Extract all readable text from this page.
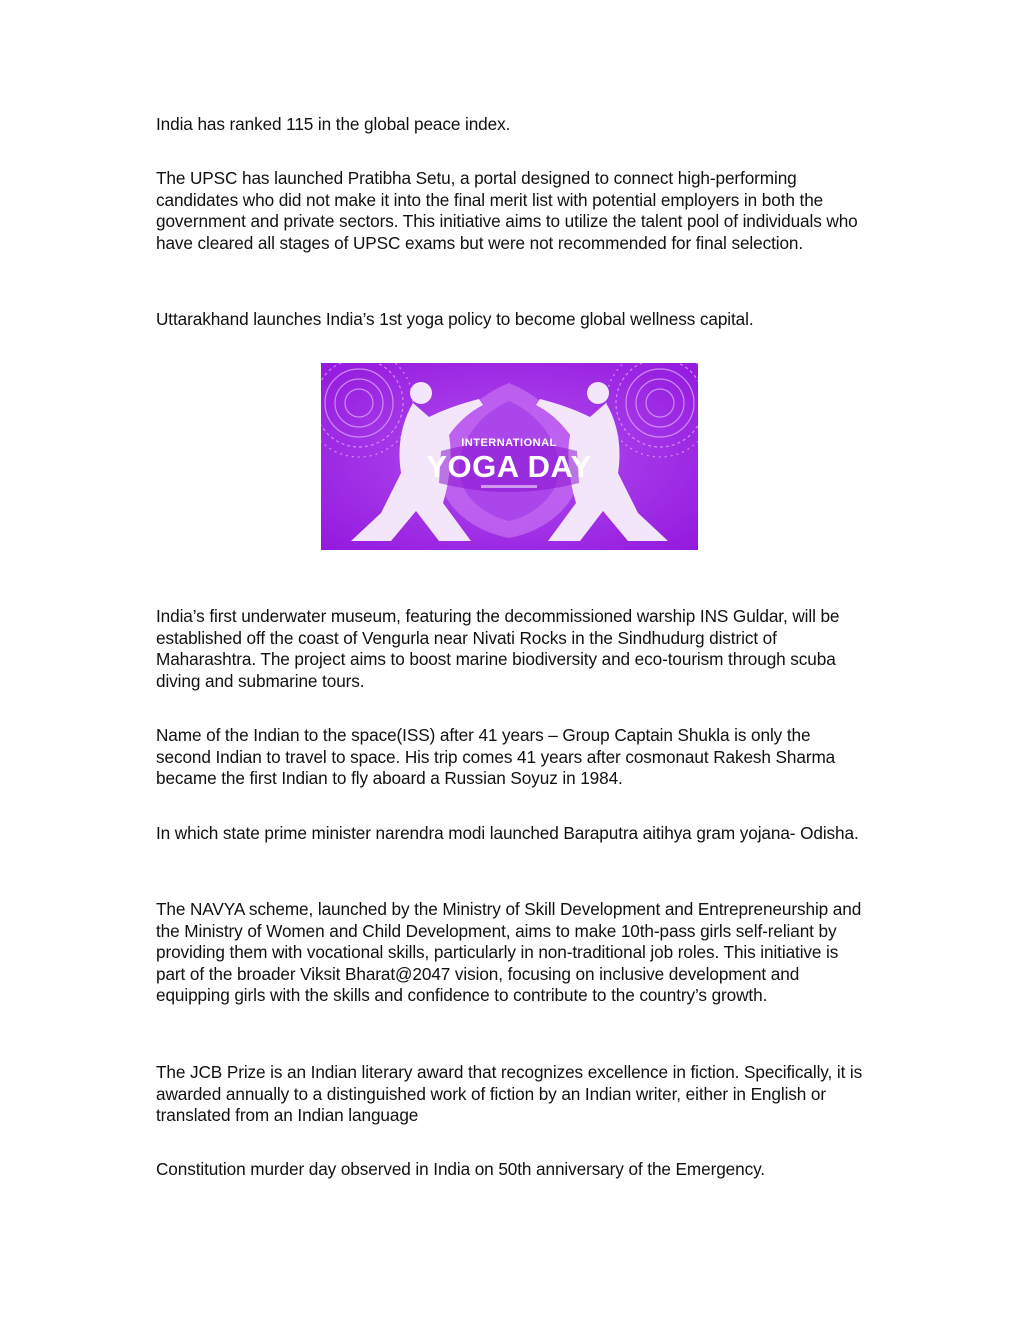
India has ranked 115 in the global peace index.

The UPSC has launched Pratibha Setu, a portal designed to connect high-performing candidates who did not make it into the final merit list with potential employers in both the government and private sectors. This initiative aims to utilize the talent pool of individuals who have cleared all stages of UPSC exams but were not recommended for final selection.

Uttarakhand launches India’s 1st yoga policy to become global wellness capital.

INTERNATIONAL
YOGA DAY

India’s first underwater museum, featuring the decommissioned warship INS Guldar, will be established off the coast of Vengurla near Nivati Rocks in the Sindhudurg district of Maharashtra. The project aims to boost marine biodiversity and eco-tourism through scuba diving and submarine tours.

Name of the Indian to the space(ISS) after 41 years – Group Captain Shukla is only the second Indian to travel to space. His trip comes 41 years after cosmonaut Rakesh Sharma became the first Indian to fly aboard a Russian Soyuz in 1984.

In which state prime minister narendra modi launched Baraputra aitihya gram yojana- Odisha.

The NAVYA scheme, launched by the Ministry of Skill Development and Entrepreneurship and the Ministry of Women and Child Development, aims to make 10th-pass girls self-reliant by providing them with vocational skills, particularly in non-traditional job roles. This initiative is part of the broader Viksit Bharat@2047 vision, focusing on inclusive development and equipping girls with the skills and confidence to contribute to the country’s growth.

The JCB Prize is an Indian literary award that recognizes excellence in fiction. Specifically, it is awarded annually to a distinguished work of fiction by an Indian writer, either in English or translated from an Indian language

Constitution murder day observed in India on 50th anniversary of the Emergency.
